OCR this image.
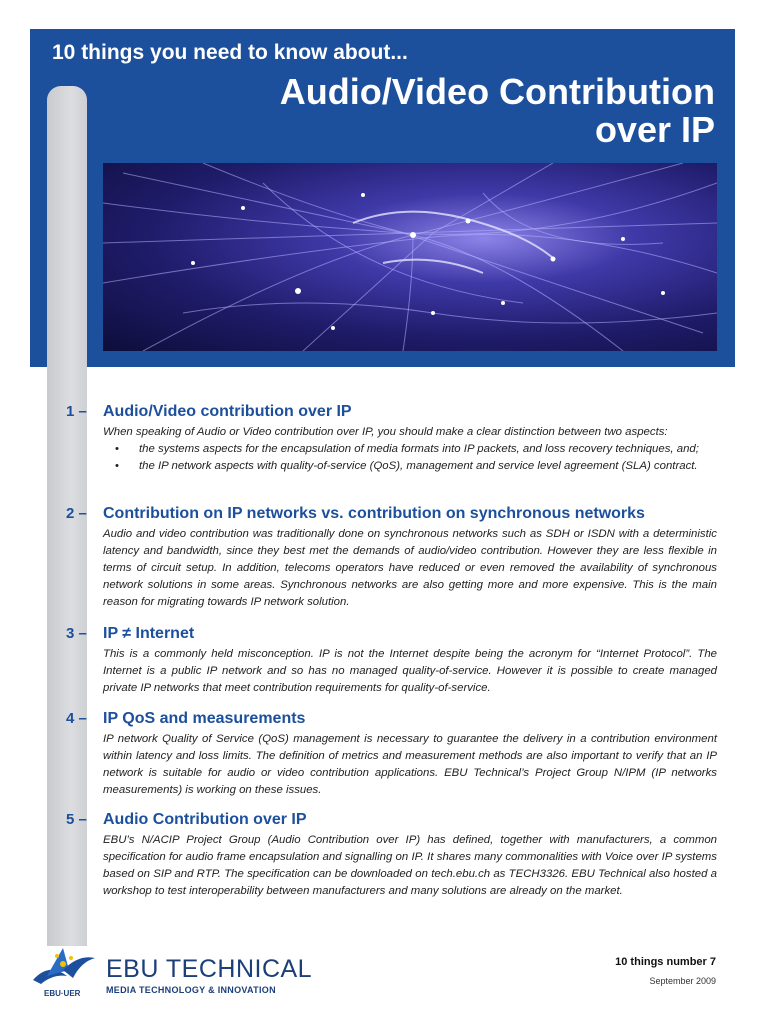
10 things you need to know about...
Audio/Video Contribution
over IP
1 – Audio/Video contribution over IP

When speaking of Audio or Video contribution over IP, you should make a clear distinction between two aspects:

• the systems aspects for the encapsulation of media formats into IP packets, and loss recovery techniques, and;
• the IP network aspects with quality-of-service (QoS), management and service level agreement (SLA) contract.
2 – Contribution on IP networks vs. contribution on synchronous networks

Audio and video contribution was traditionally done on synchronous networks such as SDH or ISDN with a deterministic latency and bandwidth, since they best met the demands of audio/video contribution. However they are less flexible in terms of circuit setup. In addition, telecoms operators have reduced or even removed the availability of synchronous network solutions in some areas. Synchronous networks are also getting more and more expensive. This is the main reason for migrating towards IP network solution.

3 – IP ≠ Internet

This is a commonly held misconception. IP is not the Internet despite being the acronym for “Internet Protocol”. The Internet is a public IP network and so has no managed quality-of-service. However it is possible to create managed private IP networks that meet contribution requirements for quality-of-service.

4 – IP QoS and measurements

IP network Quality of Service (QoS) management is necessary to guarantee the delivery in a contribution environment within latency and loss limits. The definition of metrics and measurement methods are also important to verify that an IP network is suitable for audio or video contribution applications. EBU Technical’s Project Group N/IPM (IP networks measurements) is working on these issues.

5 – Audio Contribution over IP

EBU’s N/ACIP Project Group (Audio Contribution over IP) has defined, together with manufacturers, a common specification for audio frame encapsulation and signalling on IP. It shares many commonalities with Voice over IP systems based on SIP and RTP. The specification can be downloaded on tech.ebu.ch as TECH3326. EBU Technical also hosted a workshop to test interoperability between manufacturers and many solutions are already on the market.

EBU·UER
EBU TECHNICAL
MEDIA TECHNOLOGY & INNOVATION
10 things number 7
September 2009
